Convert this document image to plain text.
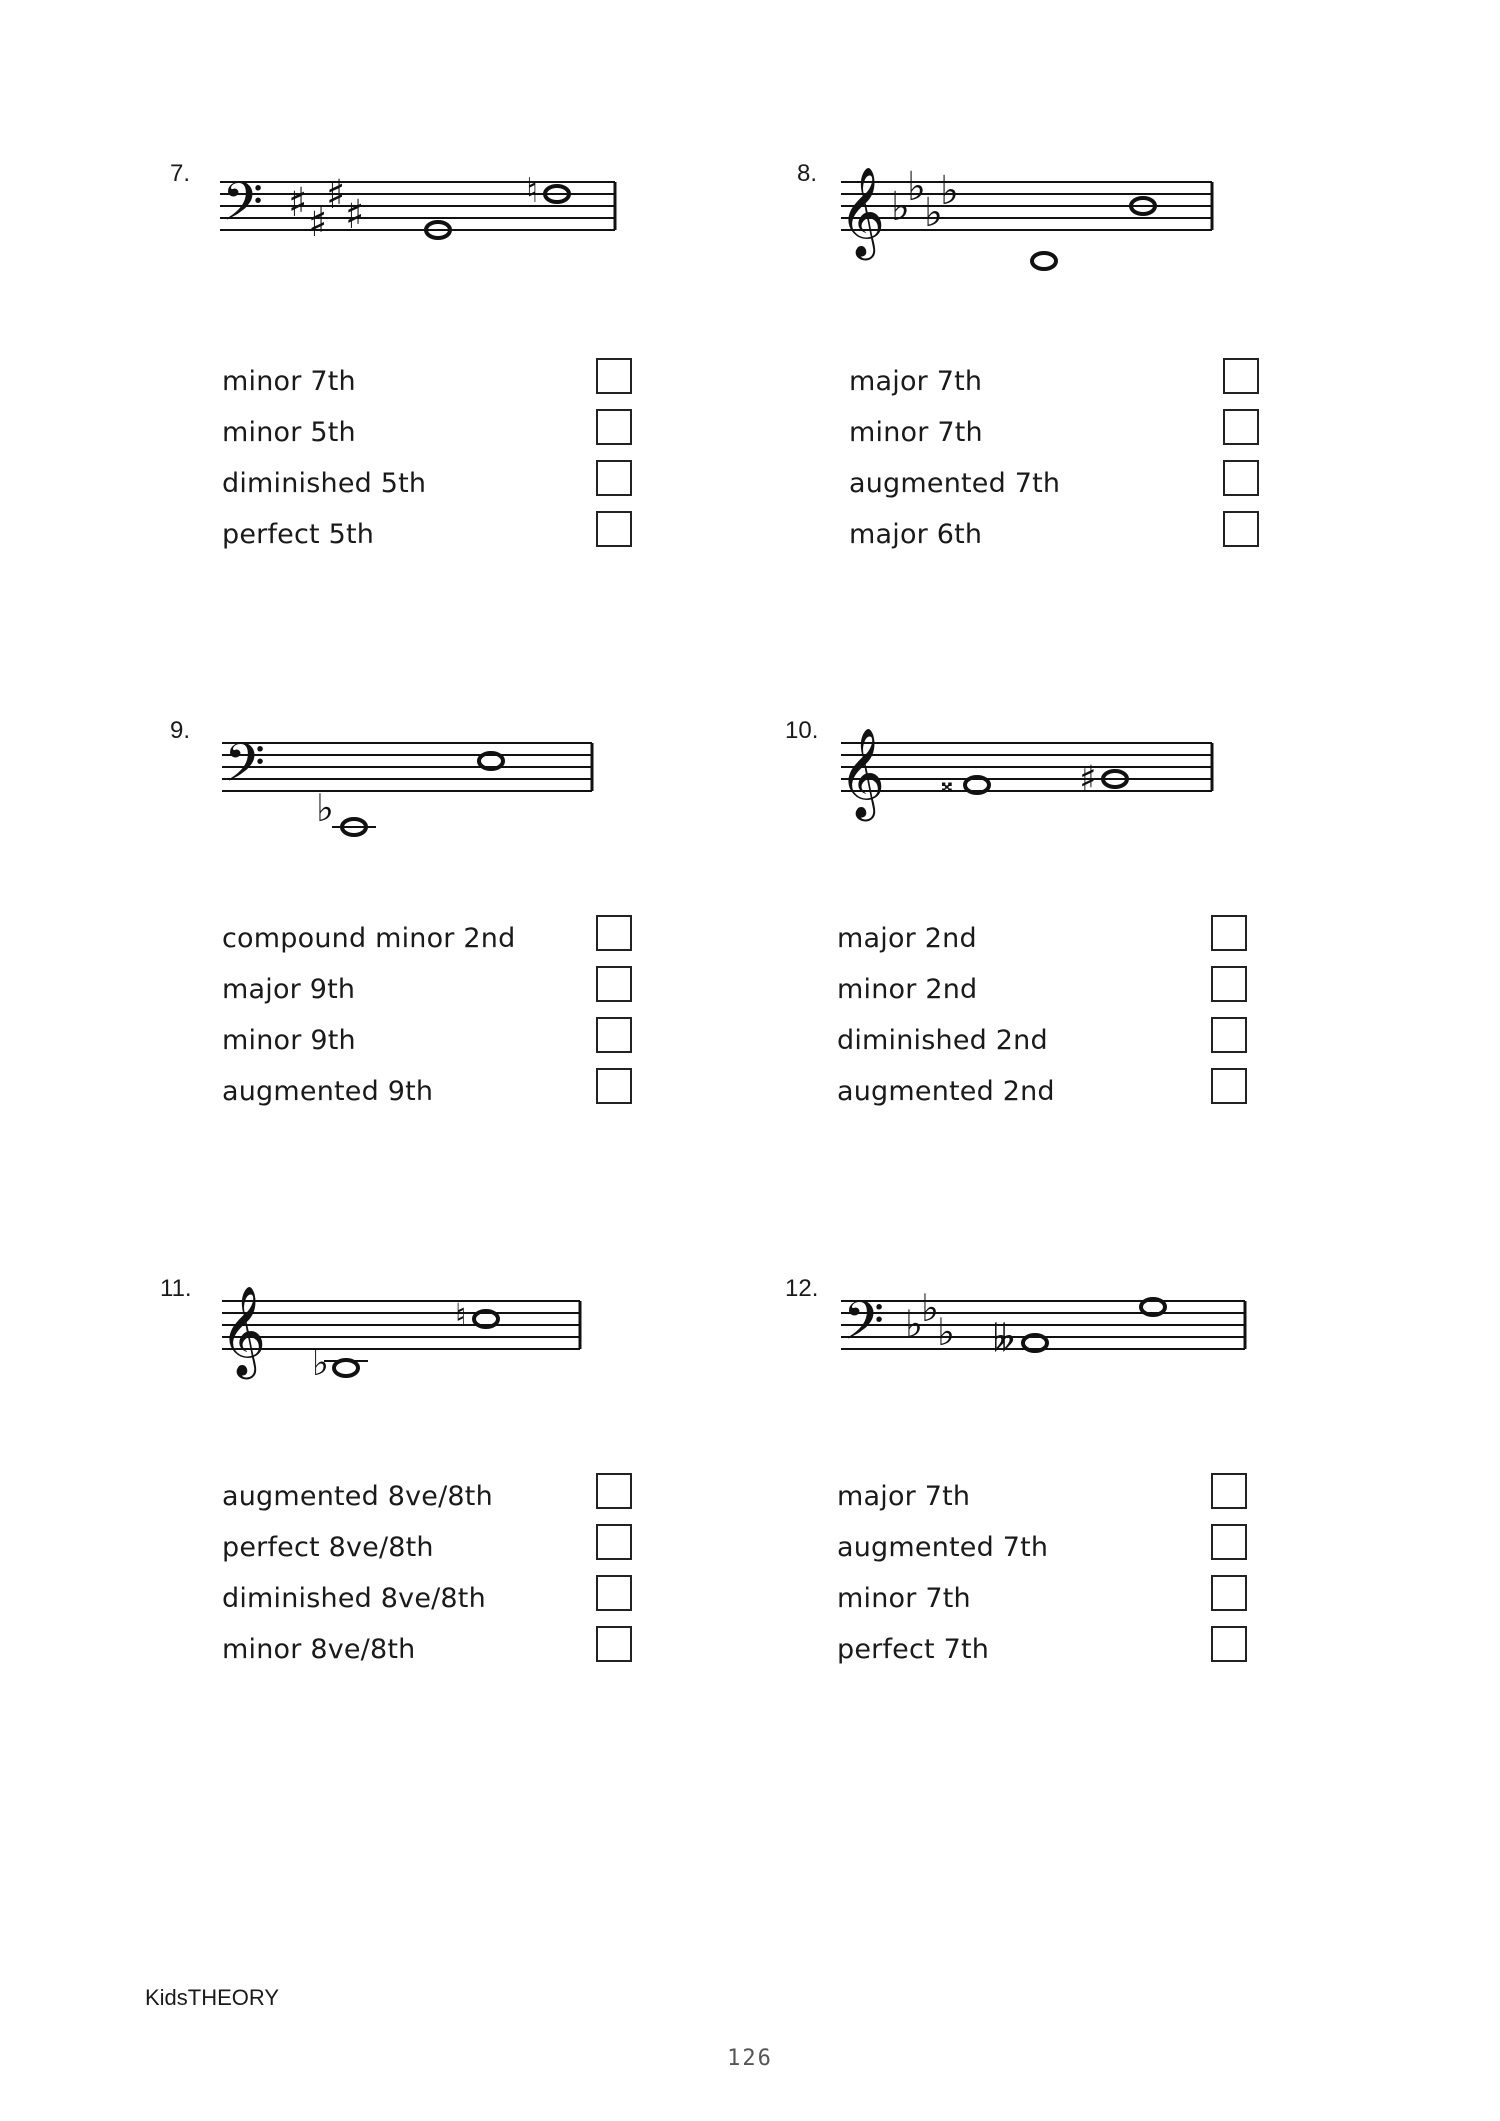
7. 𝄢 ♯ ♯
♯ ♯
♮
minor 7th
minor 5th
diminished 5th
perfect 5th
8. 𝄞 ♭
♭
♭
♭
major 7th
minor 7th
augmented 7th
major 6th
9.
𝄢
♭
compound minor 2nd
major 9th
minor 9th
augmented 9th
10. 𝄞 𝄪	♯
major 2nd
minor 2nd
diminished 2nd
augmented 2nd
11. 𝄞 ♭
♮
augmented 8ve/8th
perfect 8ve/8th
diminished 8ve/8th
minor 8ve/8th
12.
𝄢 ♭
♭
♭ 𝄫
major 7th
augmented 7th
minor 7th
perfect 7th
KidsTHEORY
126
